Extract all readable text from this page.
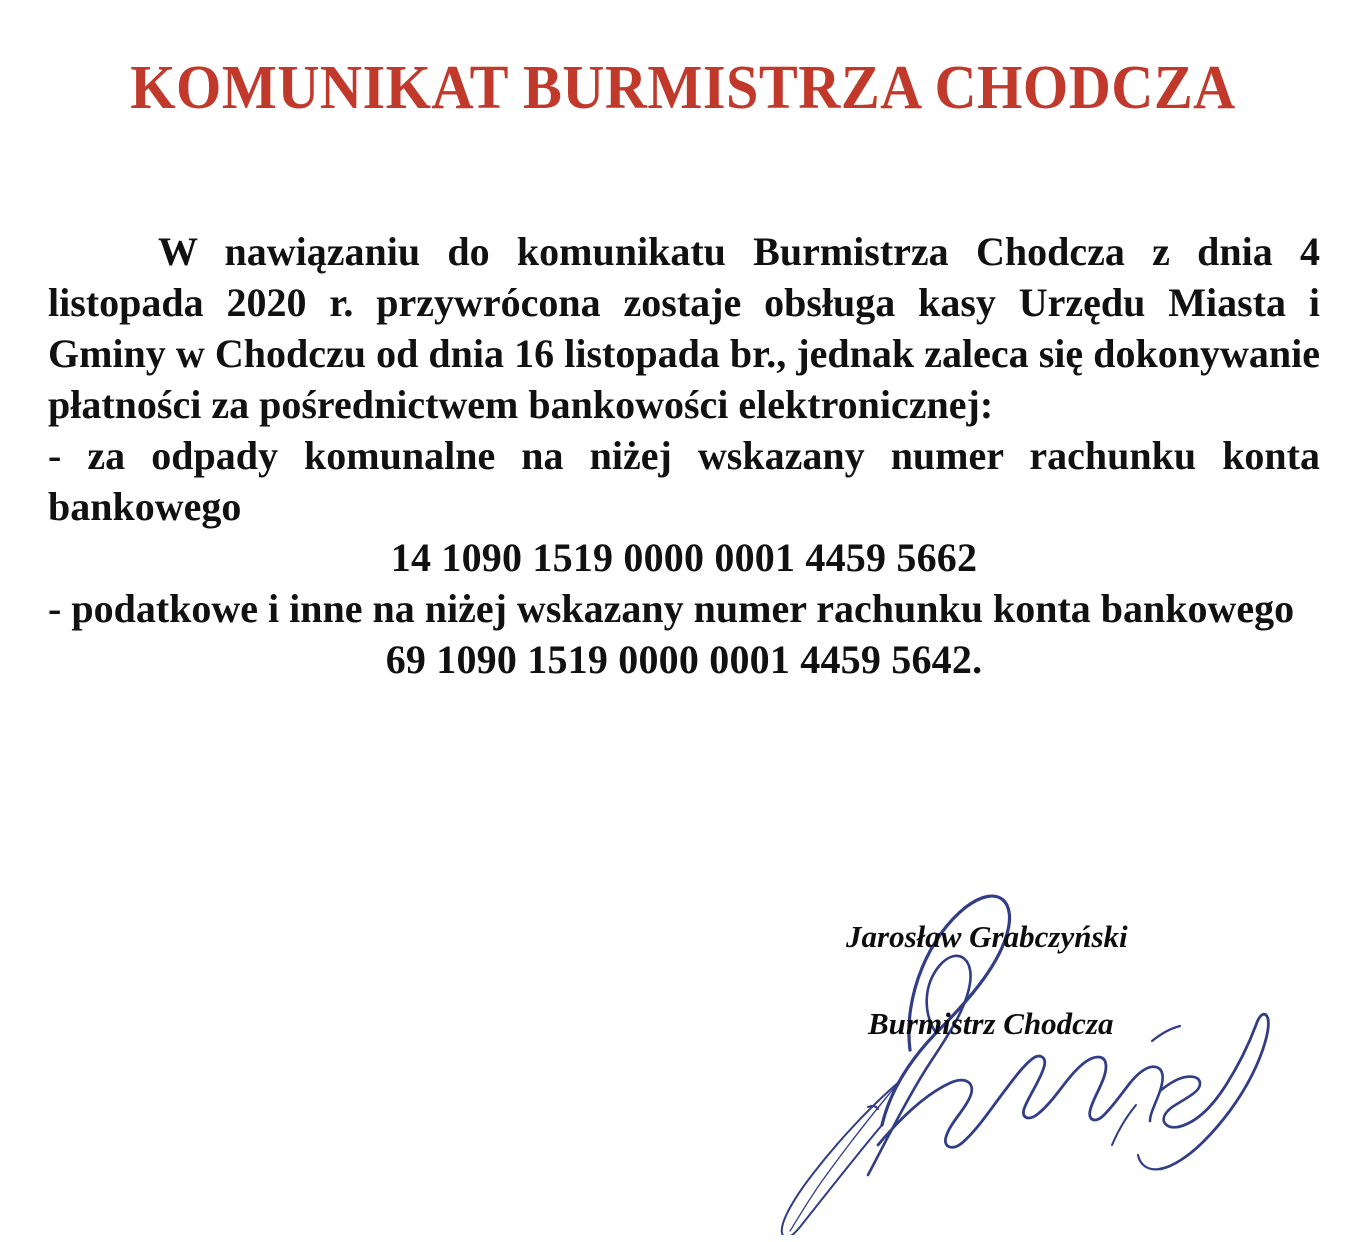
KOMUNIKAT BURMISTRZA CHODCZA

W nawiązaniu do komunikatu Burmistrza Chodcza z dnia 4 listopada 2020 r. przywrócona zostaje obsługa kasy Urzędu Miasta i Gminy w Chodczu od dnia 16 listopada br., jednak zaleca się dokonywanie płatności za pośrednictwem bankowości elektronicznej:

- za odpady komunalne na niżej wskazany numer rachunku konta bankowego

14 1090 1519 0000 0001 4459 5662

- podatkowe i inne na niżej wskazany numer rachunku konta bankowego

69 1090 1519 0000 0001 4459 5642.

Jarosław Grabczyński
Burmistrz Chodcza
